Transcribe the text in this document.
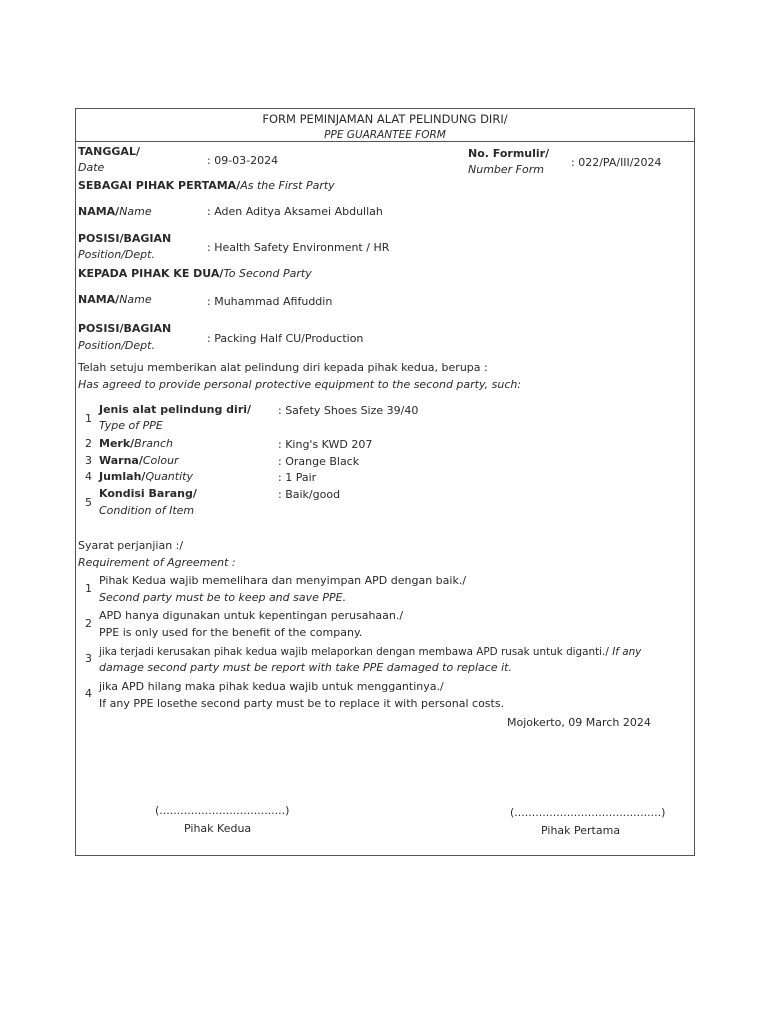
FORM PEMINJAMAN ALAT PELINDUNG DIRI/
PPE GUARANTEE FORM
TANGGAL/
Date
: 09-03-2024
No. Formulir/
Number Form
: 022/PA/III/2024
SEBAGAI PIHAK PERTAMA/As the First Party
NAMA/Name	: Aden Aditya Aksamei Abdullah
POSISI/BAGIAN
Position/Dept.
: Health Safety Environment / HR
KEPADA PIHAK KE DUA/To Second Party
NAMA/Name	: Muhammad Afifuddin
POSISI/BAGIAN
Position/Dept.
: Packing Half CU/Production
Telah setuju memberikan alat pelindung diri kepada pihak kedua, berupa :
Has agreed to provide personal protective equipment to the second party, such:
1
Jenis alat pelindung diri/
Type of PPE
: Safety Shoes Size 39/40
2 Merk/Branch	: King's KWD 207
3 Warna/Colour	: Orange Black
4 Jumlah/Quantity	: 1 Pair
5
Kondisi Barang/
Condition of Item
: Baik/good
Syarat perjanjian :/
Requirement of Agreement :
1
Pihak Kedua wajib memelihara dan menyimpan APD dengan baik./
Second party must be to keep and save PPE.
2
APD hanya digunakan untuk kepentingan perusahaan./
PPE is only used for the benefit of the company.
3 jika terjadi kerusakan pihak kedua wajib melaporkan dengan membawa APD rusak untuk diganti./ If any
damage second party must be report with take PPE damaged to replace it.
4
jika APD hilang maka pihak kedua wajib untuk menggantinya./
If any PPE losethe second party must be to replace it with personal costs.
Mojokerto, 09 March 2024
(....................................)
Pihak Kedua
(..........................................)
Pihak Pertama
